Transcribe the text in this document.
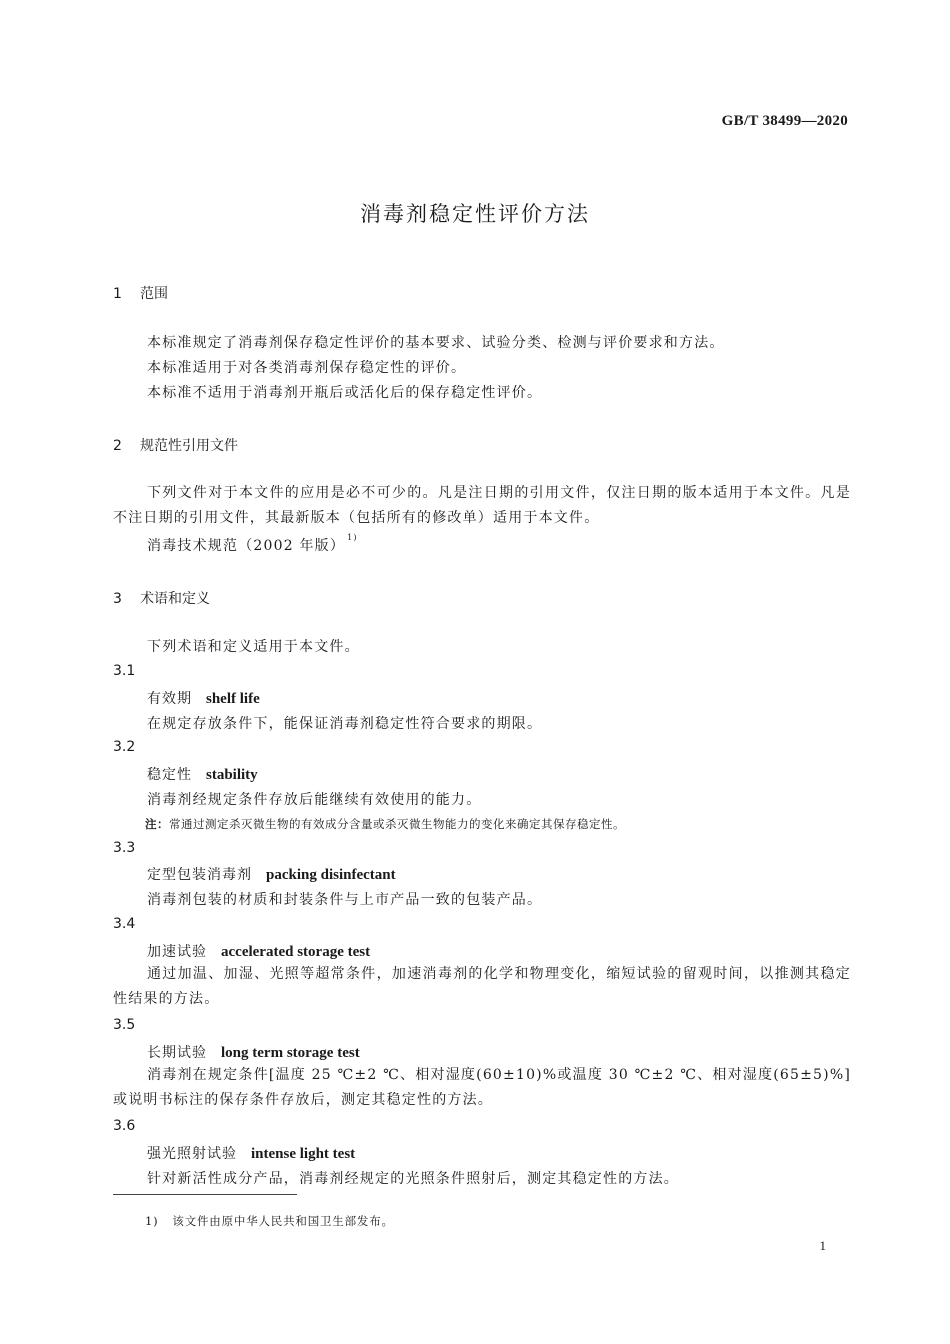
GB/T 38499—2020
消毒剂稳定性评价方法
1 范围
本标准规定了消毒剂保存稳定性评价的基本要求、试验分类、检测与评价要求和方法。
本标准适用于对各类消毒剂保存稳定性的评价。
本标准不适用于消毒剂开瓶后或活化后的保存稳定性评价。
2 规范性引用文件
下列文件对于本文件的应用是必不可少的。凡是注日期的引用文件，仅注日期的版本适用于本文件。凡是不注日期的引用文件，其最新版本（包括所有的修改单）适用于本文件。
消毒技术规范（2002 年版）$^{1)}$
3 术语和定义
下列术语和定义适用于本文件。
3.1
有效期 shelf life
在规定存放条件下，能保证消毒剂稳定性符合要求的期限。
3.2
稳定性 stability
消毒剂经规定条件存放后能继续有效使用的能力。
注：常通过测定杀灭微生物的有效成分含量或杀灭微生物能力的变化来确定其保存稳定性。
3.3
定型包装消毒剂 packing disinfectant
消毒剂包装的材质和封装条件与上市产品一致的包装产品。
3.4
加速试验 accelerated storage test
通过加温、加湿、光照等超常条件，加速消毒剂的化学和物理变化，缩短试验的留观时间，以推测其稳定性结果的方法。
3.5
长期试验 long term storage test
消毒剂在规定条件[温度 25 ℃±2 ℃、相对湿度(60±10)%或温度 30 ℃±2 ℃、相对湿度(65±5)%]或说明书标注的保存条件存放后，测定其稳定性的方法。
3.6
强光照射试验 intense light test
针对新活性成分产品，消毒剂经规定的光照条件照射后，测定其稳定性的方法。
1) 该文件由原中华人民共和国卫生部发布。
1
